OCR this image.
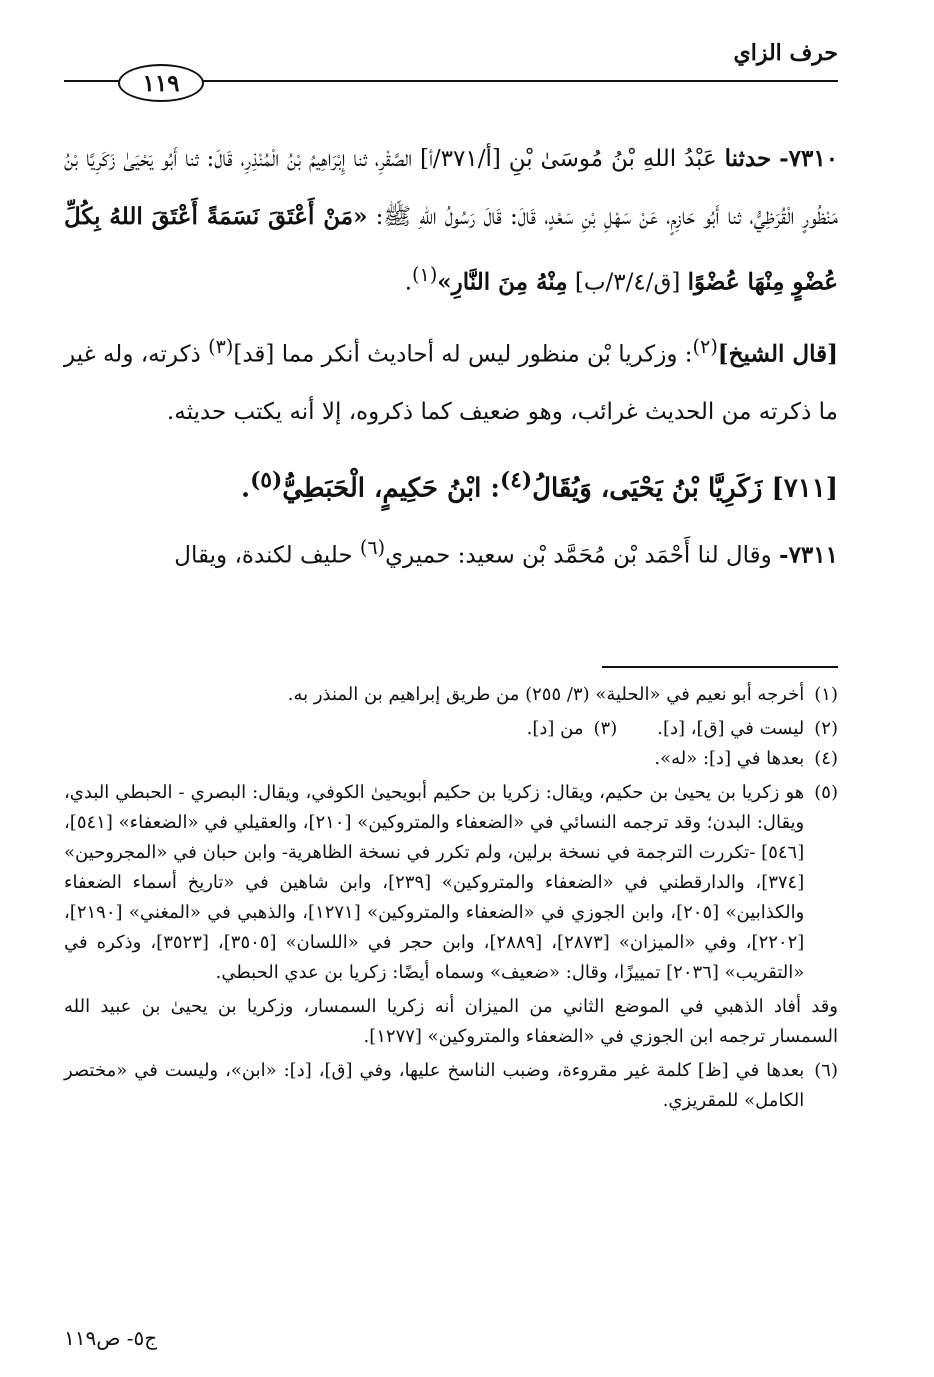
حرف الزاي
١١٩

٧٣١٠- حدثنا عَبْدُ اللهِ بْنُ مُوسَىٰ بْنِ [أ/٣٧١/أ] الصَّقْرِ، ثنا إِبْرَاهِيمُ بْنُ الْمُنْذِرِ، قَالَ: ثنا أَبُو يَحْيَىٰ زَكَرِيَّا بْنُ مَنْظُورٍ الْقُرَظِيُّ، ثنا أَبُو حَازِمٍ، عَنْ سَهْلِ بْنِ سَعْدٍ، قَالَ: قَالَ رَسُولُ اللهِ ﷺ: «مَنْ أَعْتَقَ نَسَمَةً أَعْتَقَ اللهُ بِكُلِّ عُضْوٍ مِنْهَا عُضْوًا [ق/٣/٤/ب] مِنْهُ مِنَ النَّارِ»$^{(١)}$.

[قال الشيخ]$^{(٢)}$: وزكريا بْن منظور ليس له أحاديث أنكر مما [قد]$^{(٣)}$ ذكرته، وله غير ما ذكرته من الحديث غرائب، وهو ضعيف كما ذكروه، إلا أنه يكتب حديثه.

[٧١١] زَكَرِيَّا بْنُ يَحْيَى، وَيُقَالُ$^{(٤)}$: ابْنُ حَكِيمٍ، الْحَبَطِيُّ$^{(٥)}$.

٧٣١١- وقال لنا أَحْمَد بْن مُحَمَّد بْن سعيد: حميري$^{(٦)}$ حليف لكندة، ويقال

(١)
أخرجه أبو نعيم في «الحلية» (٣/ ٢٥٥) من طريق إبراهيم بن المنذر به.
(٢)
ليست في [ق]، [د].
(٣)
من [د].
(٤)
بعدها في [د]: «له».
(٥)
هو زكريا بن يحيىٰ بن حكيم، ويقال: زكريا بن حكيم أبويحيىٰ الكوفي، ويقال: البصري - الحبطي البدي، ويقال: البدن؛ وقد ترجمه النسائي في «الضعفاء والمتروكين» [٢١٠]، والعقيلي في «الضعفاء» [٥٤١]، [٥٤٦] -تكررت الترجمة في نسخة برلين، ولم تكرر في نسخة الظاهرية- وابن حبان في «المجروحين» [٣٧٤]، والدارقطني في «الضعفاء والمتروكين» [٢٣٩]، وابن شاهين في «تاريخ أسماء الضعفاء والكذابين» [٢٠٥]، وابن الجوزي في «الضعفاء والمتروكين» [١٢٧١]، والذهبي في «المغني» [٢١٩٠]، [٢٢٠٢]، وفي «الميزان» [٢٨٧٣]، [٢٨٨٩]، وابن حجر في «اللسان» [٣٥٠٥]، [٣٥٢٣]، وذكره في «التقريب» [٢٠٣٦] تمييزًا، وقال: «ضعيف» وسماه أيضًا: زكريا بن عدي الحبطي.

وقد أفاد الذهبي في الموضع الثاني من الميزان أنه زكريا السمسار، وزكريا بن يحيىٰ بن عبيد الله السمسار ترجمه ابن الجوزي في «الضعفاء والمتروكين» [١٢٧٧].

(٦)
بعدها في [ظ] كلمة غير مقروءة، وضبب الناسخ عليها، وفي [ق]، [د]: «ابن»، وليست في «مختصر الكامل» للمقريزي.
ج٥- ص١١٩
